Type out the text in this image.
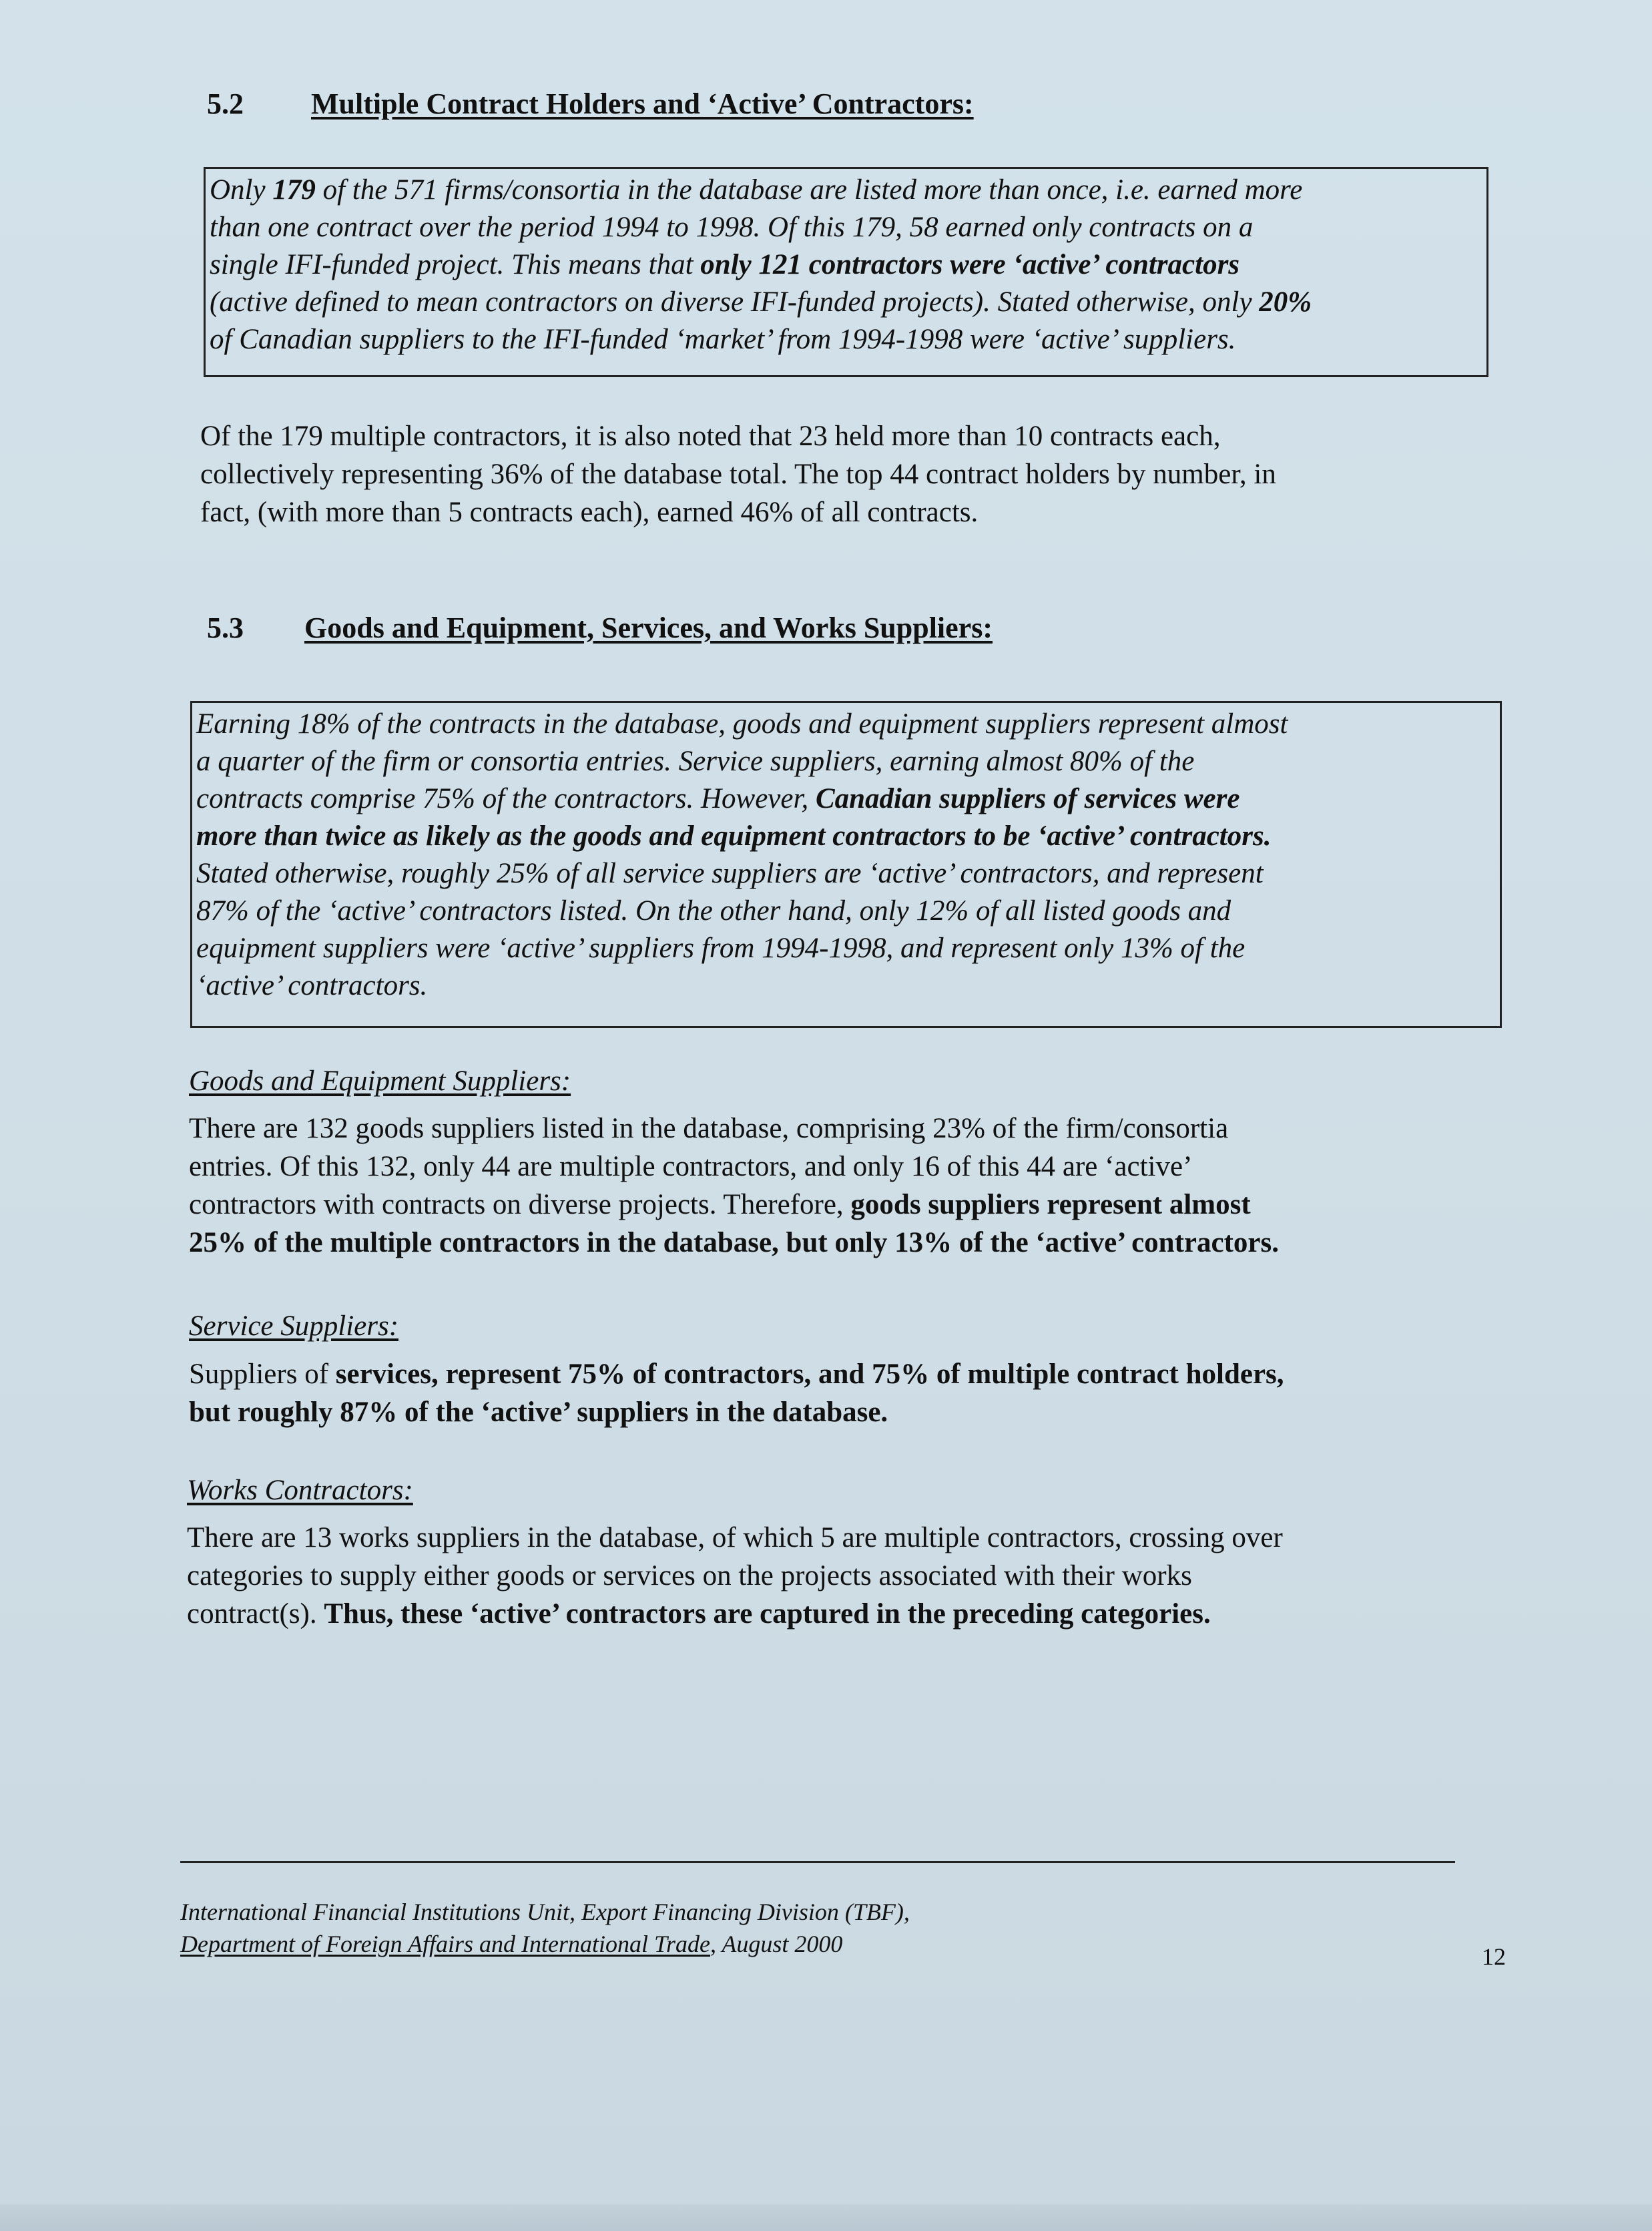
5.2 Multiple Contract Holders and ‘Active’ Contractors:
Only 179 of the 571 firms/consortia in the database are listed more than once, i.e. earned more
than one contract over the period 1994 to 1998. Of this 179, 58 earned only contracts on a
single IFI-funded project. This means that only 121 contractors were ‘active’ contractors
(active defined to mean contractors on diverse IFI-funded projects). Stated otherwise, only 20%
of Canadian suppliers to the IFI-funded ‘market’ from 1994-1998 were ‘active’ suppliers.
Of the 179 multiple contractors, it is also noted that 23 held more than 10 contracts each,
collectively representing 36% of the database total. The top 44 contract holders by number, in
fact, (with more than 5 contracts each), earned 46% of all contracts.
5.3 Goods and Equipment, Services, and Works Suppliers:
Earning 18% of the contracts in the database, goods and equipment suppliers represent almost
a quarter of the firm or consortia entries. Service suppliers, earning almost 80% of the
contracts comprise 75% of the contractors. However, Canadian suppliers of services were
more than twice as likely as the goods and equipment contractors to be ‘active’ contractors.
Stated otherwise, roughly 25% of all service suppliers are ‘active’ contractors, and represent
87% of the ‘active’ contractors listed. On the other hand, only 12% of all listed goods and
equipment suppliers were ‘active’ suppliers from 1994-1998, and represent only 13% of the
‘active’ contractors.
Goods and Equipment Suppliers:
There are 132 goods suppliers listed in the database, comprising 23% of the firm/consortia
entries. Of this 132, only 44 are multiple contractors, and only 16 of this 44 are ‘active’
contractors with contracts on diverse projects. Therefore, goods suppliers represent almost
25% of the multiple contractors in the database, but only 13% of the ‘active’ contractors.
Service Suppliers:
Suppliers of services, represent 75% of contractors, and 75% of multiple contract holders,
but roughly 87% of the ‘active’ suppliers in the database.
Works Contractors:
There are 13 works suppliers in the database, of which 5 are multiple contractors, crossing over
categories to supply either goods or services on the projects associated with their works
contract(s). Thus, these ‘active’ contractors are captured in the preceding categories.
International Financial Institutions Unit, Export Financing Division (TBF),
Department of Foreign Affairs and International Trade, August 2000	12
